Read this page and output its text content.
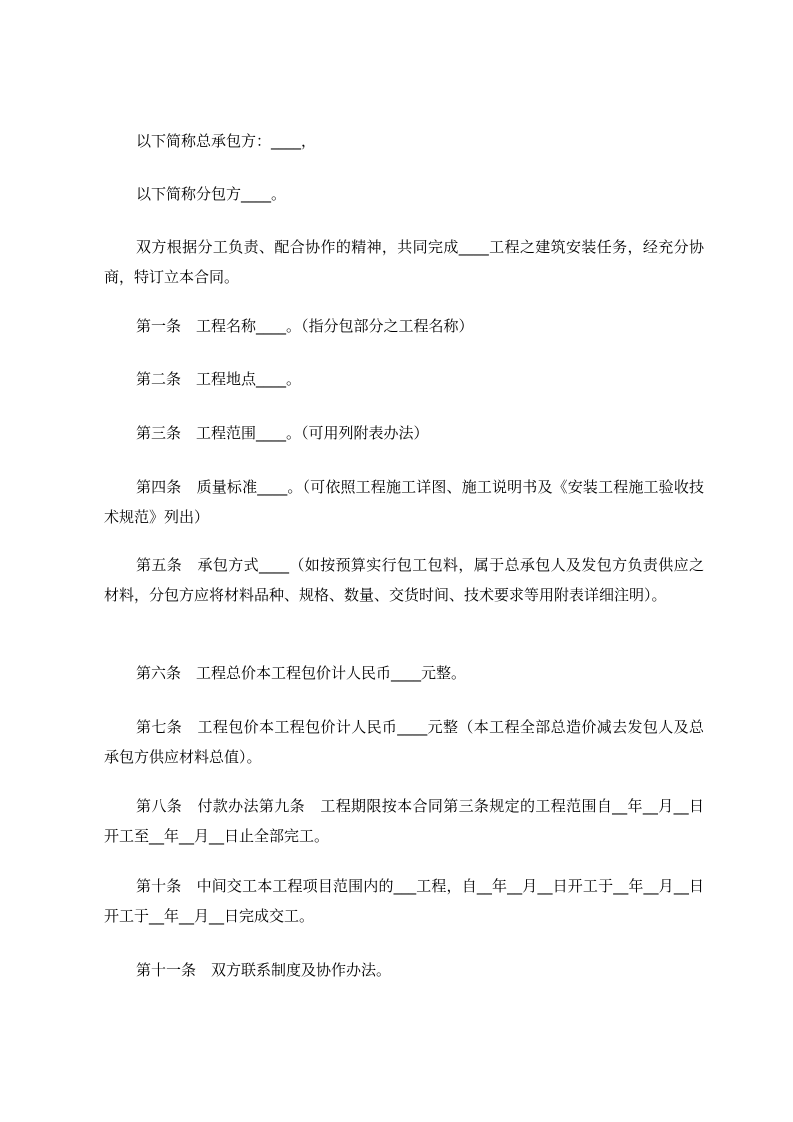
以下简称总承包方：____，

以下简称分包方____。

双方根据分工负责、配合协作的精神，共同完成____工程之建筑安装任务，经充分协商，特订立本合同。

第一条　工程名称____。（指分包部分之工程名称）

第二条　工程地点____。

第三条　工程范围____。（可用列附表办法）

第四条　质量标准____。（可依照工程施工详图、施工说明书及《安装工程施工验收技术规范》列出）

第五条　承包方式____（如按预算实行包工包料，属于总承包人及发包方负责供应之材料，分包方应将材料品种、规格、数量、交货时间、技术要求等用附表详细注明）。

第六条　工程总价本工程包价计人民币____元整。

第七条　工程包价本工程包价计人民币____元整（本工程全部总造价减去发包人及总承包方供应材料总值）。

第八条　付款办法第九条　工程期限按本合同第三条规定的工程范围自__年__月__日开工至__年__月__日止全部完工。

第十条　中间交工本工程项目范围内的___工程，自__年__月__日开工于__年__月__日开工于__年__月__日完成交工。

第十一条　双方联系制度及协作办法。
